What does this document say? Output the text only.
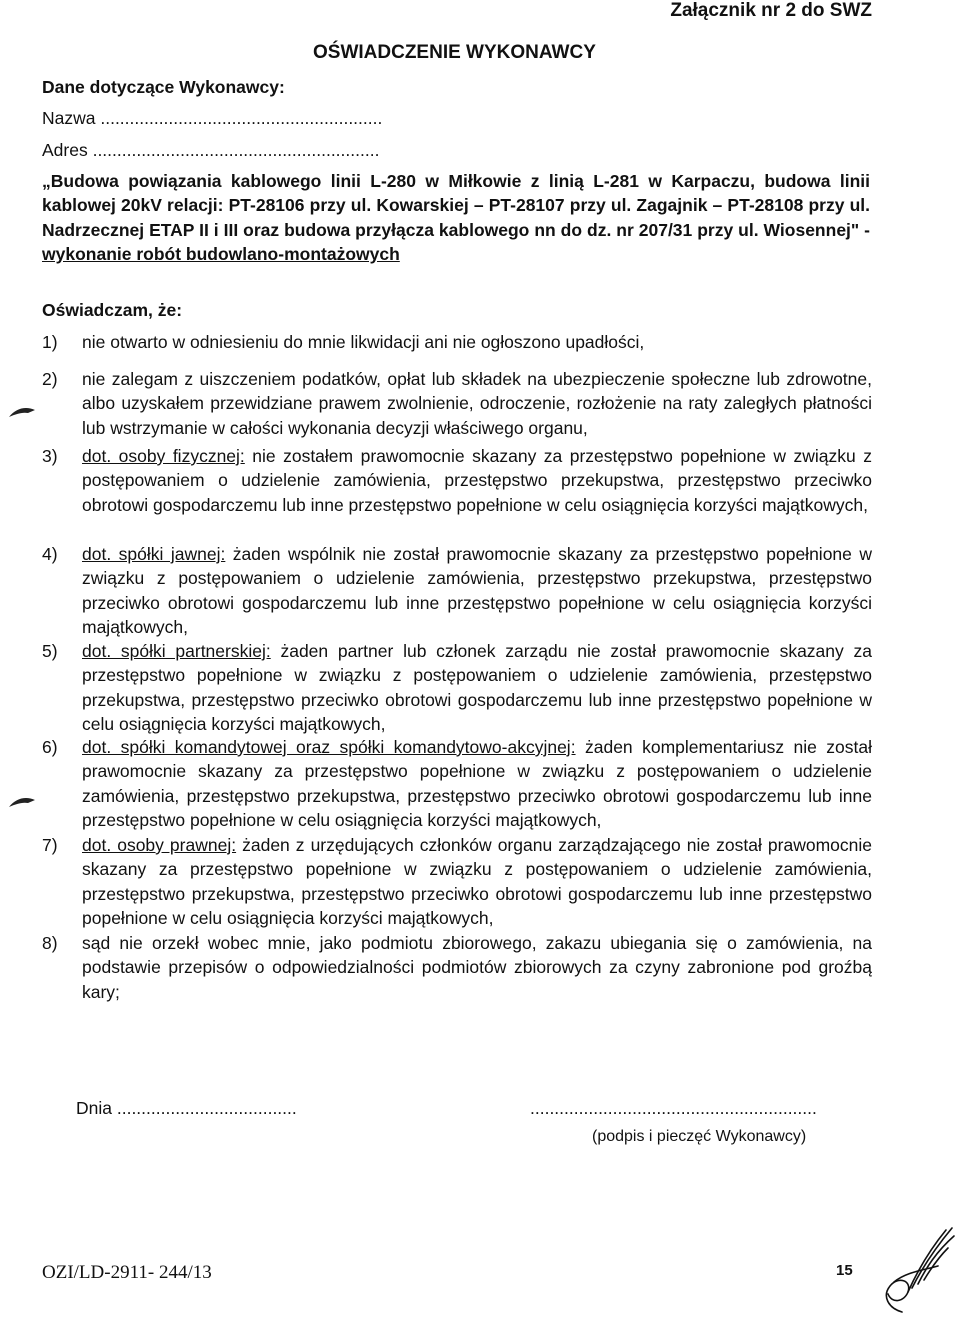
Załącznik nr 2 do SWZ
OŚWIADCZENIE WYKONAWCY
Dane dotyczące Wykonawcy:
Nazwa ..........................................................
Adres ...........................................................
„Budowa powiązania kablowego linii L-280 w Miłkowie z linią L-281 w Karpaczu, budowa linii kablowej 20kV relacji: PT-28106 przy ul. Kowarskiej – PT-28107 przy ul. Zagajnik – PT-28108 przy ul. Nadrzecznej ETAP II i III oraz budowa przyłącza kablowego nn do dz. nr 207/31 przy ul. Wiosennej" - wykonanie robót budowlano-montażowych
Oświadczam, że:
1) nie otwarto w odniesieniu do mnie likwidacji ani nie ogłoszono upadłości,
2) nie zalegam z uiszczeniem podatków, opłat lub składek na ubezpieczenie społeczne lub zdrowotne, albo uzyskałem przewidziane prawem zwolnienie, odroczenie, rozłożenie na raty zaległych płatności lub wstrzymanie w całości wykonania decyzji właściwego organu,
3) dot. osoby fizycznej: nie zostałem prawomocnie skazany za przestępstwo popełnione w związku z postępowaniem o udzielenie zamówienia, przestępstwo przekupstwa, przestępstwo przeciwko obrotowi gospodarczemu lub inne przestępstwo popełnione w celu osiągnięcia korzyści majątkowych,
4) dot. spółki jawnej: żaden wspólnik nie został prawomocnie skazany za przestępstwo popełnione w związku z postępowaniem o udzielenie zamówienia, przestępstwo przekupstwa, przestępstwo przeciwko obrotowi gospodarczemu lub inne przestępstwo popełnione w celu osiągnięcia korzyści majątkowych,
5) dot. spółki partnerskiej: żaden partner lub członek zarządu nie został prawomocnie skazany za przestępstwo popełnione w związku z postępowaniem o udzielenie zamówienia, przestępstwo przekupstwa, przestępstwo przeciwko obrotowi gospodarczemu lub inne przestępstwo popełnione w celu osiągnięcia korzyści majątkowych,
6) dot. spółki komandytowej oraz spółki komandytowo-akcyjnej: żaden komplementariusz nie został prawomocnie skazany za przestępstwo popełnione w związku z postępowaniem o udzielenie zamówienia, przestępstwo przekupstwa, przestępstwo przeciwko obrotowi gospodarczemu lub inne przestępstwo popełnione w celu osiągnięcia korzyści majątkowych,
7) dot. osoby prawnej: żaden z urzędujących członków organu zarządzającego nie został prawomocnie skazany za przestępstwo popełnione w związku z postępowaniem o udzielenie zamówienia, przestępstwo przekupstwa, przestępstwo przeciwko obrotowi gospodarczemu lub inne przestępstwo popełnione w celu osiągnięcia korzyści majątkowych,
8) sąd nie orzekł wobec mnie, jako podmiotu zbiorowego, zakazu ubiegania się o zamówienia, na podstawie przepisów o odpowiedzialności podmiotów zbiorowych za czyny zabronione pod groźbą kary;
Dnia .....................................	...........................................................
(podpis i pieczęć Wykonawcy)
OZI/LD-2911- 244/13	15
